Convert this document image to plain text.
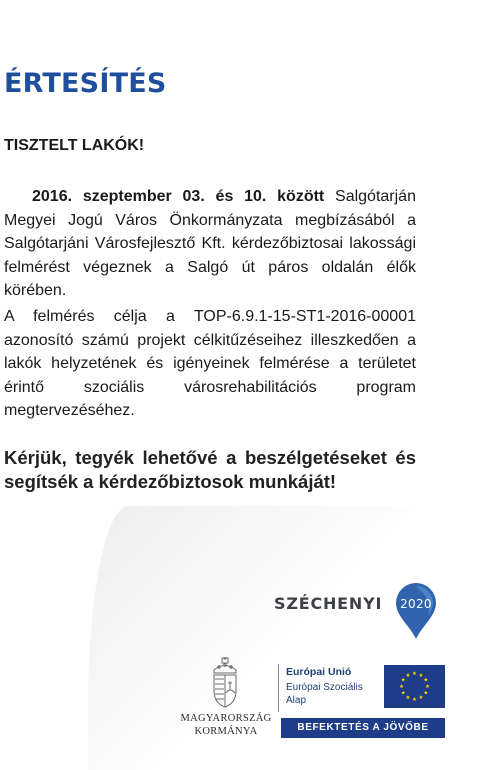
ÉRTESÍTÉS

TISZTELT LAKÓK!

2016. szeptember 03. és 10. között Salgótarján Megyei Jogú Város Önkormányzata megbízásából a Salgótarjáni Városfejlesztő Kft. kérdezőbiztosai lakossági felmérést végeznek a Salgó út páros oldalán élők körében.

A felmérés célja a TOP-6.9.1-15-ST1-2016-00001 azonosító számú projekt célkitűzéseihez illeszkedően a lakók helyzetének és igényeinek felmérése a területet érintő szociális városrehabilitációs program megtervezéséhez.

Kérjük, tegyék lehetővé a beszélgetéseket és segítsék a kérdezőbiztosok munkáját!

SZÉCHENYI	2020
MAGYARORSZÁG
KORMÁNYA
Európai Unió
Európai Szociális Alap
★ ★
★
★
★
★
★
★
★
★
★
★
BEFEKTETÉS A JÖVŐBE
